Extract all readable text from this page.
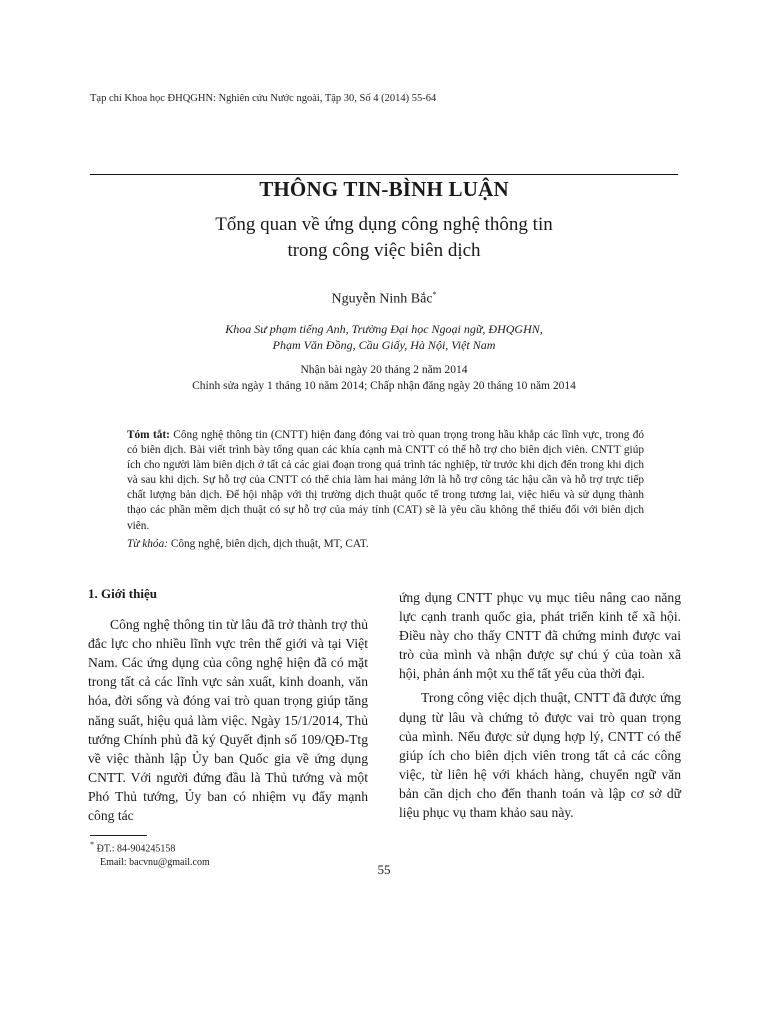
Tạp chí Khoa học ĐHQGHN: Nghiên cứu Nước ngoài, Tập 30, Số 4 (2014) 55-64
THÔNG TIN-BÌNH LUẬN
Tổng quan về ứng dụng công nghệ thông tin
trong công việc biên dịch
Nguyễn Ninh Bắc*
Khoa Sư phạm tiếng Anh, Trường Đại học Ngoại ngữ, ĐHQGHN,
Phạm Văn Đồng, Cầu Giấy, Hà Nội, Việt Nam
Nhận bài ngày 20 tháng 2 năm 2014
Chỉnh sửa ngày 1 tháng 10 năm 2014; Chấp nhận đăng ngày 20 tháng 10 năm 2014
Tóm tắt: Công nghệ thông tin (CNTT) hiện đang đóng vai trò quan trọng trong hầu khắp các lĩnh vực, trong đó có biên dịch. Bài viết trình bày tổng quan các khía cạnh mà CNTT có thể hỗ trợ cho biên dịch viên. CNTT giúp ích cho người làm biên dịch ở tất cả các giai đoạn trong quá trình tác nghiệp, từ trước khi dịch đến trong khi dịch và sau khi dịch. Sự hỗ trợ của CNTT có thể chia làm hai mảng lớn là hỗ trợ công tác hậu cần và hỗ trợ trực tiếp chất lượng bản dịch. Để hội nhập với thị trường dịch thuật quốc tế trong tương lai, việc hiểu và sử dụng thành thạo các phần mềm dịch thuật có sự hỗ trợ của máy tính (CAT) sẽ là yêu cầu không thể thiếu đối với biên dịch viên.
Từ khóa: Công nghệ, biên dịch, dịch thuật, MT, CAT.
1. Giới thiệu

Công nghệ thông tin từ lâu đã trở thành trợ thủ đắc lực cho nhiều lĩnh vực trên thế giới và tại Việt Nam. Các ứng dụng của công nghệ hiện đã có mặt trong tất cả các lĩnh vực sản xuất, kinh doanh, văn hóa, đời sống và đóng vai trò quan trọng giúp tăng năng suất, hiệu quả làm việc. Ngày 15/1/2014, Thủ tướng Chính phủ đã ký Quyết định số 109/QĐ-Ttg về việc thành lập Ủy ban Quốc gia về ứng dụng CNTT. Với người đứng đầu là Thủ tướng và một Phó Thủ tướng, Ủy ban có nhiệm vụ đẩy mạnh công tác

ứng dụng CNTT phục vụ mục tiêu nâng cao năng lực cạnh tranh quốc gia, phát triển kinh tế xã hội. Điều này cho thấy CNTT đã chứng minh được vai trò của mình và nhận được sự chú ý của toàn xã hội, phản ánh một xu thế tất yếu của thời đại.

Trong công việc dịch thuật, CNTT đã được ứng dụng từ lâu và chứng tỏ được vai trò quan trọng của mình. Nếu được sử dụng hợp lý, CNTT có thể giúp ích cho biên dịch viên trong tất cả các công việc, từ liên hệ với khách hàng, chuyển ngữ văn bản cần dịch cho đến thanh toán và lập cơ sở dữ liệu phục vụ tham khảo sau này.

* ĐT.: 84-904245158
Email: bacvnu@gmail.com	55
